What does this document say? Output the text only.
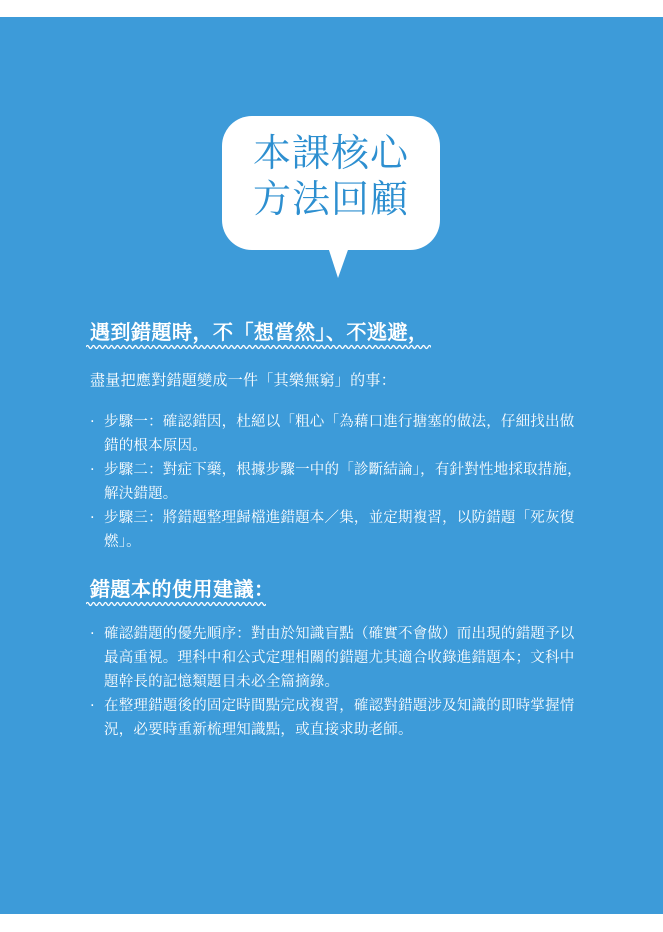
本課核心
方法回顧
遇到錯題時，不「想當然」、不逃避，
盡量把應對錯題變成一件「其樂無窮」的事：
· 步驟一：確認錯因，杜絕以「粗心「為藉口進行搪塞的做法，仔細找出做
錯的根本原因。
· 步驟二：對症下藥，根據步驟一中的「診斷結論」，有針對性地採取措施，
解決錯題。
· 步驟三：將錯題整理歸檔進錯題本／集，並定期複習，以防錯題「死灰復
燃」。
錯題本的使用建議：
· 確認錯題的優先順序：對由於知識盲點（確實不會做）而出現的錯題予以
最高重視。理科中和公式定理相關的錯題尤其適合收錄進錯題本；文科中
題幹長的記憶類題目未必全篇摘錄。
· 在整理錯題後的固定時間點完成複習，確認對錯題涉及知識的即時掌握情
況，必要時重新梳理知識點，或直接求助老師。
